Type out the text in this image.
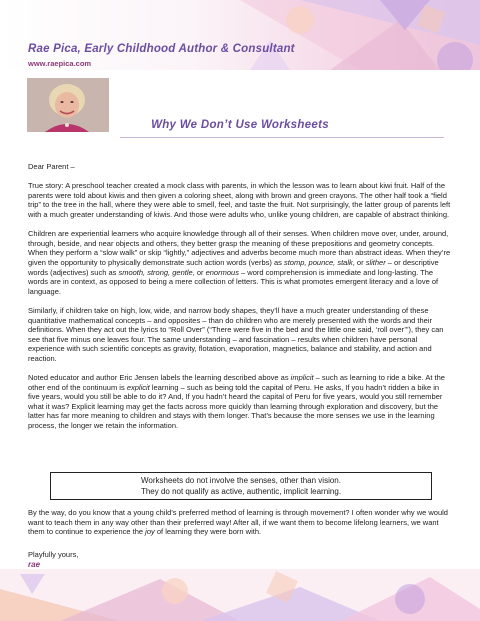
Rae Pica, Early Childhood Author & Consultant

www.raepica.com

Why We Don’t Use Worksheets

Dear Parent –

True story: A preschool teacher created a mock class with parents, in which the lesson was to learn about kiwi fruit. Half of the parents were told about kiwis and then given a coloring sheet, along with brown and green crayons. The other half took a “field trip” to the tree in the hall, where they were able to smell, feel, and taste the fruit. Not surprisingly, the latter group of parents left with a much greater understanding of kiwis. And those were adults who, unlike young children, are capable of abstract thinking.

Children are experiential learners who acquire knowledge through all of their senses. When children move over, under, around, through, beside, and near objects and others, they better grasp the meaning of these prepositions and geometry concepts. When they perform a “slow walk” or skip “lightly,” adjectives and adverbs become much more than abstract ideas. When they’re given the opportunity to physically demonstrate such action words (verbs) as stomp, pounce, stalk, or slither – or descriptive words (adjectives) such as smooth, strong, gentle, or enormous – word comprehension is immediate and long-lasting. The words are in context, as opposed to being a mere collection of letters. This is what promotes emergent literacy and a love of language.

Similarly, if children take on high, low, wide, and narrow body shapes, they’ll have a much greater understanding of these quantitative mathematical concepts – and opposites – than do children who are merely presented with the words and their definitions. When they act out the lyrics to “Roll Over” (“There were five in the bed and the little one said, ‘roll over’”), they can see that five minus one leaves four. The same understanding – and fascination – results when children have personal experience with such scientific concepts as gravity, flotation, evaporation, magnetics, balance and stability, and action and reaction.

Noted educator and author Eric Jensen labels the learning described above as implicit – such as learning to ride a bike. At the other end of the continuum is explicit learning – such as being told the capital of Peru. He asks, If you hadn’t ridden a bike in five years, would you still be able to do it? And, If you hadn’t heard the capital of Peru for five years, would you still remember what it was? Explicit learning may get the facts across more quickly than learning through exploration and discovery, but the latter has far more meaning to children and stays with them longer. That’s because the more senses we use in the learning process, the longer we retain the information.

Worksheets do not involve the senses, other than vision.
They do not qualify as active, authentic, implicit learning.

By the way, do you know that a young child’s preferred method of learning is through movement? I often wonder why we would want to teach them in any way other than their preferred way! After all, if we want them to become lifelong learners, we want them to continue to experience the joy of learning they were born with.

Playfully yours,

rae
